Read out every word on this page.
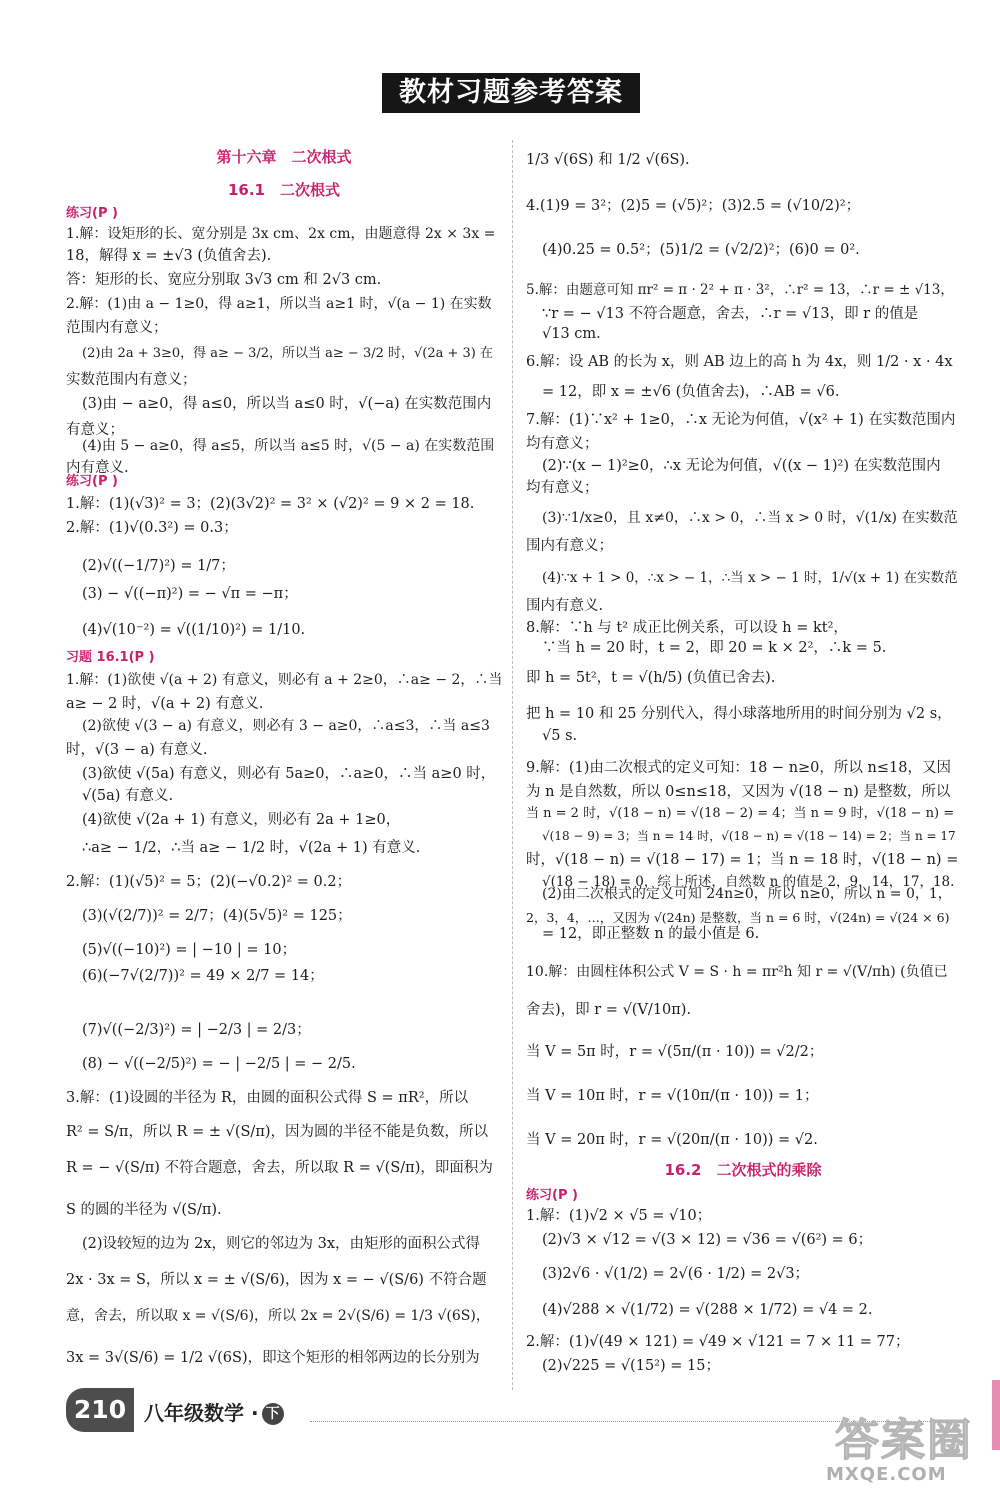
教材习题参考答案
第十六章　二次根式
16.1　二次根式
练习(P )
1.解：设矩形的长、宽分别是 3x cm、2x cm，由题意得 2x × 3x =
18，解得 x = ±√3 (负值舍去).
答：矩形的长、宽应分别取 3√3 cm 和 2√3 cm.
2.解：(1)由 a − 1≥0，得 a≥1，所以当 a≥1 时，√(a − 1) 在实数
范围内有意义；
(2)由 2a + 3≥0，得 a≥ − 3/2，所以当 a≥ − 3/2 时，√(2a + 3) 在
实数范围内有意义；
(3)由 − a≥0，得 a≤0，所以当 a≤0 时，√(−a) 在实数范围内
有意义；
(4)由 5 − a≥0，得 a≤5，所以当 a≤5 时，√(5 − a) 在实数范围
内有意义.
练习(P )
1.解：(1)(√3)² = 3；(2)(3√2)² = 3² × (√2)² = 9 × 2 = 18.
2.解：(1)√(0.3²) = 0.3；
(2)√((−1/7)²) = 1/7；
(3) − √((−π)²) = − √π = −π；
(4)√(10⁻²) = √((1/10)²) = 1/10.
习题 16.1(P )
1.解：(1)欲使 √(a + 2) 有意义，则必有 a + 2≥0，∴a≥ − 2，∴当
a≥ − 2 时，√(a + 2) 有意义.
(2)欲使 √(3 − a) 有意义，则必有 3 − a≥0，∴a≤3，∴当 a≤3
时，√(3 − a) 有意义.
(3)欲使 √(5a) 有意义，则必有 5a≥0，∴a≥0，∴当 a≥0 时，
√(5a) 有意义.
(4)欲使 √(2a + 1) 有意义，则必有 2a + 1≥0，
∴a≥ − 1/2，∴当 a≥ − 1/2 时，√(2a + 1) 有意义.
2.解：(1)(√5)² = 5；(2)(−√0.2)² = 0.2；
(3)(√(2/7))² = 2/7；(4)(5√5)² = 125；
(5)√((−10)²) = | −10 | = 10；
(6)(−7√(2/7))² = 49 × 2/7 = 14；
(7)√((−2/3)²) = | −2/3 | = 2/3；
(8) − √((−2/5)²) = − | −2/5 | = − 2/5.
3.解：(1)设圆的半径为 R，由圆的面积公式得 S = πR²，所以
R² = S/π，所以 R = ± √(S/π)，因为圆的半径不能是负数，所以
R = − √(S/π) 不符合题意，舍去，所以取 R = √(S/π)，即面积为
S 的圆的半径为 √(S/π).
(2)设较短的边为 2x，则它的邻边为 3x，由矩形的面积公式得
2x · 3x = S，所以 x = ± √(S/6)，因为 x = − √(S/6) 不符合题
意，舍去，所以取 x = √(S/6)，所以 2x = 2√(S/6) = 1/3 √(6S)，
3x = 3√(S/6) = 1/2 √(6S)，即这个矩形的相邻两边的长分别为
1/3 √(6S) 和 1/2 √(6S).
4.(1)9 = 3²；(2)5 = (√5)²；(3)2.5 = (√10/2)²；
(4)0.25 = 0.5²；(5)1/2 = (√2/2)²；(6)0 = 0².
5.解：由题意可知 πr² = π · 2² + π · 3²，∴r² = 13，∴r = ± √13，
∵r = − √13 不符合题意，舍去，∴r = √13，即 r 的值是
√13 cm.
6.解：设 AB 的长为 x，则 AB 边上的高 h 为 4x，则 1/2 · x · 4x
= 12，即 x = ±√6 (负值舍去)，∴AB = √6.
7.解：(1)∵x² + 1≥0，∴x 无论为何值，√(x² + 1) 在实数范围内
均有意义；
(2)∵(x − 1)²≥0，∴x 无论为何值，√((x − 1)²) 在实数范围内
均有意义；
(3)∵1/x≥0，且 x≠0，∴x > 0，∴当 x > 0 时，√(1/x) 在实数范
围内有意义；
(4)∵x + 1 > 0，∴x > − 1，∴当 x > − 1 时，1/√(x + 1) 在实数范
围内有意义.
8.解：∵h 与 t² 成正比例关系，可以设 h = kt²，
∵当 h = 20 时，t = 2，即 20 = k × 2²，∴k = 5.
即 h = 5t²，t = √(h/5) (负值已舍去).
把 h = 10 和 25 分别代入，得小球落地所用的时间分别为 √2 s，
√5 s.
9.解：(1)由二次根式的定义可知：18 − n≥0，所以 n≤18，又因
为 n 是自然数，所以 0≤n≤18，又因为 √(18 − n) 是整数，所以
当 n = 2 时，√(18 − n) = √(18 − 2) = 4；当 n = 9 时，√(18 − n) =
√(18 − 9) = 3；当 n = 14 时，√(18 − n) = √(18 − 14) = 2；当 n = 17
时，√(18 − n) = √(18 − 17) = 1；当 n = 18 时，√(18 − n) =
√(18 − 18) = 0，综上所述，自然数 n 的值是 2，9，14，17，18.
(2)由二次根式的定义可知 24n≥0，所以 n≥0，所以 n = 0，1，
2，3，4，…，又因为 √(24n) 是整数，当 n = 6 时，√(24n) = √(24 × 6)
= 12，即正整数 n 的最小值是 6.
10.解：由圆柱体积公式 V = S · h = πr²h 知 r = √(V/πh) (负值已
舍去)，即 r = √(V/10π).
当 V = 5π 时，r = √(5π/(π · 10)) = √2/2；
当 V = 10π 时，r = √(10π/(π · 10)) = 1；
当 V = 20π 时，r = √(20π/(π · 10)) = √2.
16.2　二次根式的乘除
练习(P )
1.解：(1)√2 × √5 = √10；
(2)√3 × √12 = √(3 × 12) = √36 = √(6²) = 6；
(3)2√6 · √(1/2) = 2√(6 · 1/2) = 2√3；
(4)√288 × √(1/72) = √(288 × 1/72) = √4 = 2.
2.解：(1)√(49 × 121) = √49 × √121 = 7 × 11 = 77；
(2)√225 = √(15²) = 15；
210 八年级数学 · 下
答案圈
MXQE.COM
